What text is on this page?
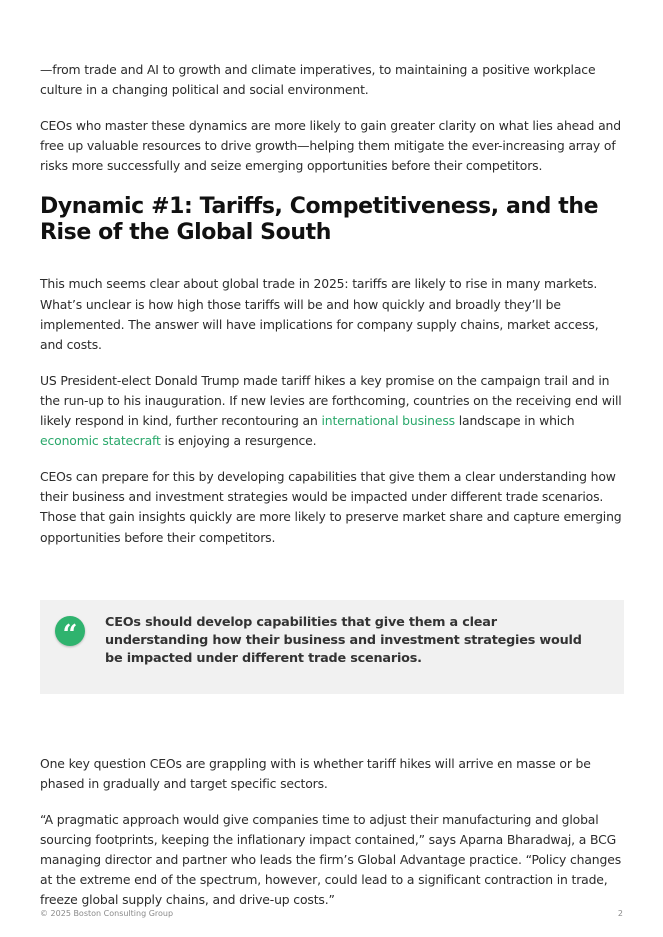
—from trade and AI to growth and climate imperatives, to maintaining a positive workplace culture in a changing political and social environment.

CEOs who master these dynamics are more likely to gain greater clarity on what lies ahead and free up valuable resources to drive growth—helping them mitigate the ever-increasing array of risks more successfully and seize emerging opportunities before their competitors.

Dynamic #1: Tariffs, Competitiveness, and the Rise of the Global South

This much seems clear about global trade in 2025: tariffs are likely to rise in many markets. What’s unclear is how high those tariffs will be and how quickly and broadly they’ll be implemented. The answer will have implications for company supply chains, market access, and costs.

US President-elect Donald Trump made tariff hikes a key promise on the campaign trail and in the run-up to his inauguration. If new levies are forthcoming, countries on the receiving end will likely respond in kind, further recontouring an international business landscape in which economic statecraft is enjoying a resurgence.

CEOs can prepare for this by developing capabilities that give them a clear understanding how their business and investment strategies would be impacted under different trade scenarios. Those that gain insights quickly are more likely to preserve market share and capture emerging opportunities before their competitors.

“	CEOs should develop capabilities that give them a clear understanding how their business and investment strategies would be impacted under different trade scenarios.

One key question CEOs are grappling with is whether tariff hikes will arrive en masse or be phased in gradually and target specific sectors.

“A pragmatic approach would give companies time to adjust their manufacturing and global sourcing footprints, keeping the inflationary impact contained,” says Aparna Bharadwaj, a BCG managing director and partner who leads the firm’s Global Advantage practice. “Policy changes at the extreme end of the spectrum, however, could lead to a significant contraction in trade, freeze global supply chains, and drive-up costs.”

© 2025 Boston Consulting Group	2
